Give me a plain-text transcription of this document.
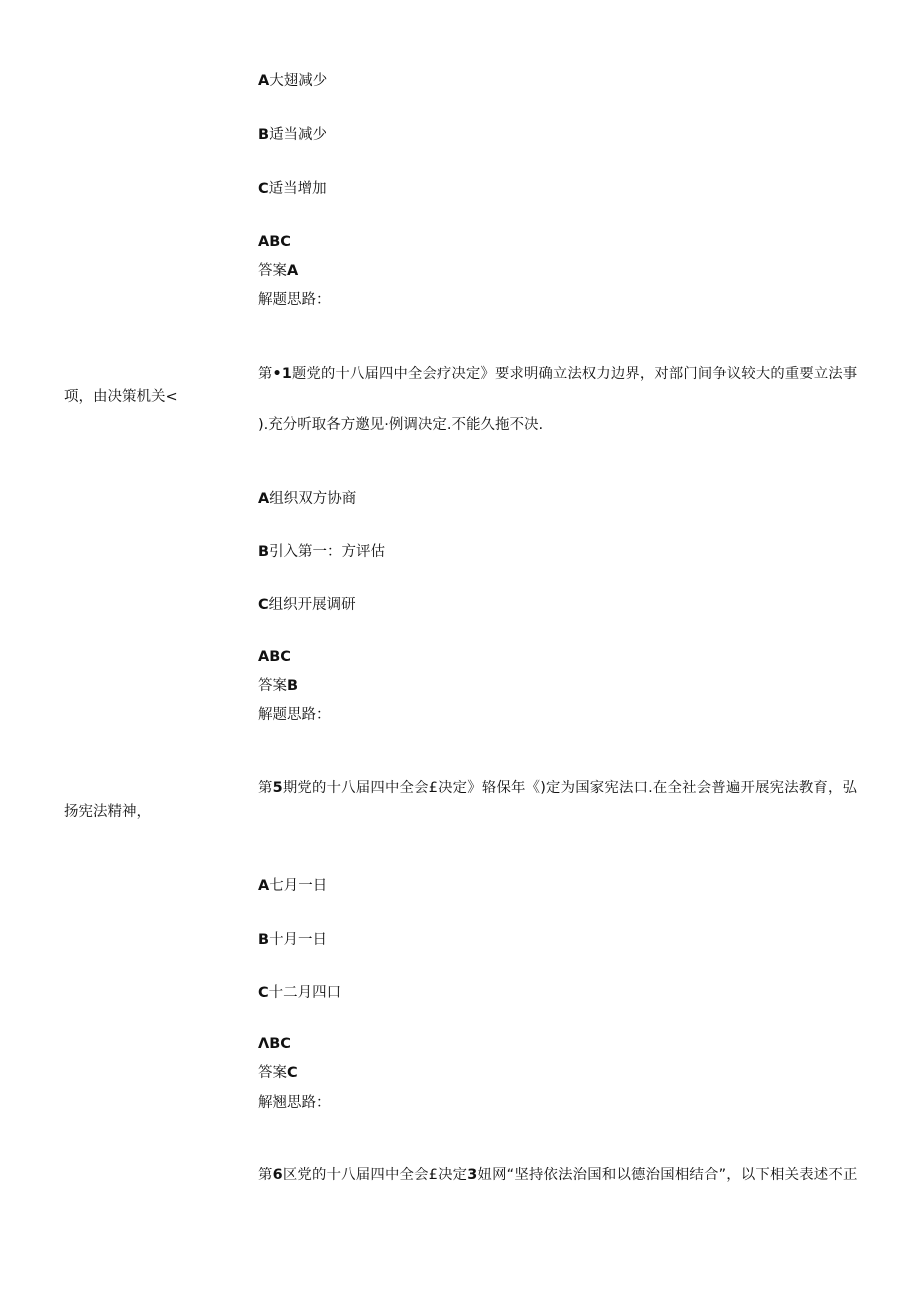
A大翅减少
B适当减少
C适当增加
ABC
答案A
解题思路：
第•1题党的十八届四中全会疗决定》要求明确立法权力边界，对部门间争议较大的重要立法事
项，由决策机关<
).充分听取各方邀见·例调决定.不能久拖不决.
A组织双方协商
B引入第一：方评估
C组织开展调研
ABC
答案B
解题思路：
第5期党的十八届四中全会£决定》辂保年《)定为国家宪法口.在全社会普遍开展宪法教育，弘
扬宪法精神，
A七月一日
B十月一日
C十二月四口
ΛBC
答案C
解翘思路：
第6区党的十八届四中全会£决定3妞网“坚持依法治国和以德治国相结合”，以下相关表述不正
